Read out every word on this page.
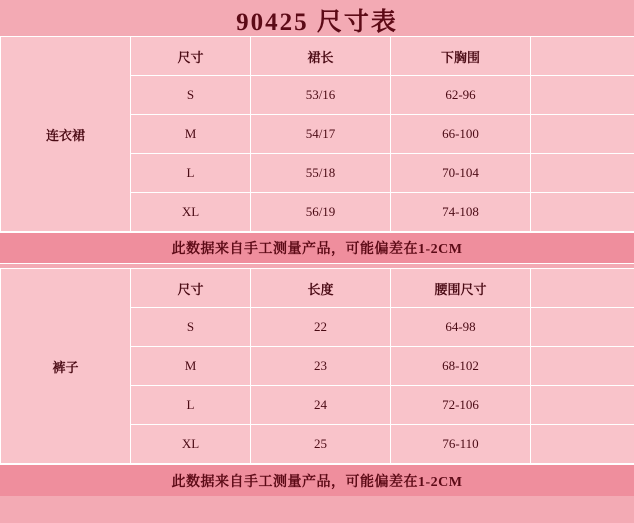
90425 尺寸表
连衣裙	尺寸	裙长	下胸围	
	S	53/16	62-96	
	M	54/17	66-100	
	L	55/18	70-104	
	XL	56/19	74-108	
此数据来自手工测量产品，可能偏差在1-2CM
裤子	尺寸	长度	腰围尺寸	
	S	22	64-98	
	M	23	68-102	
	L	24	72-106	
	XL	25	76-110	
此数据来自手工测量产品，可能偏差在1-2CM
